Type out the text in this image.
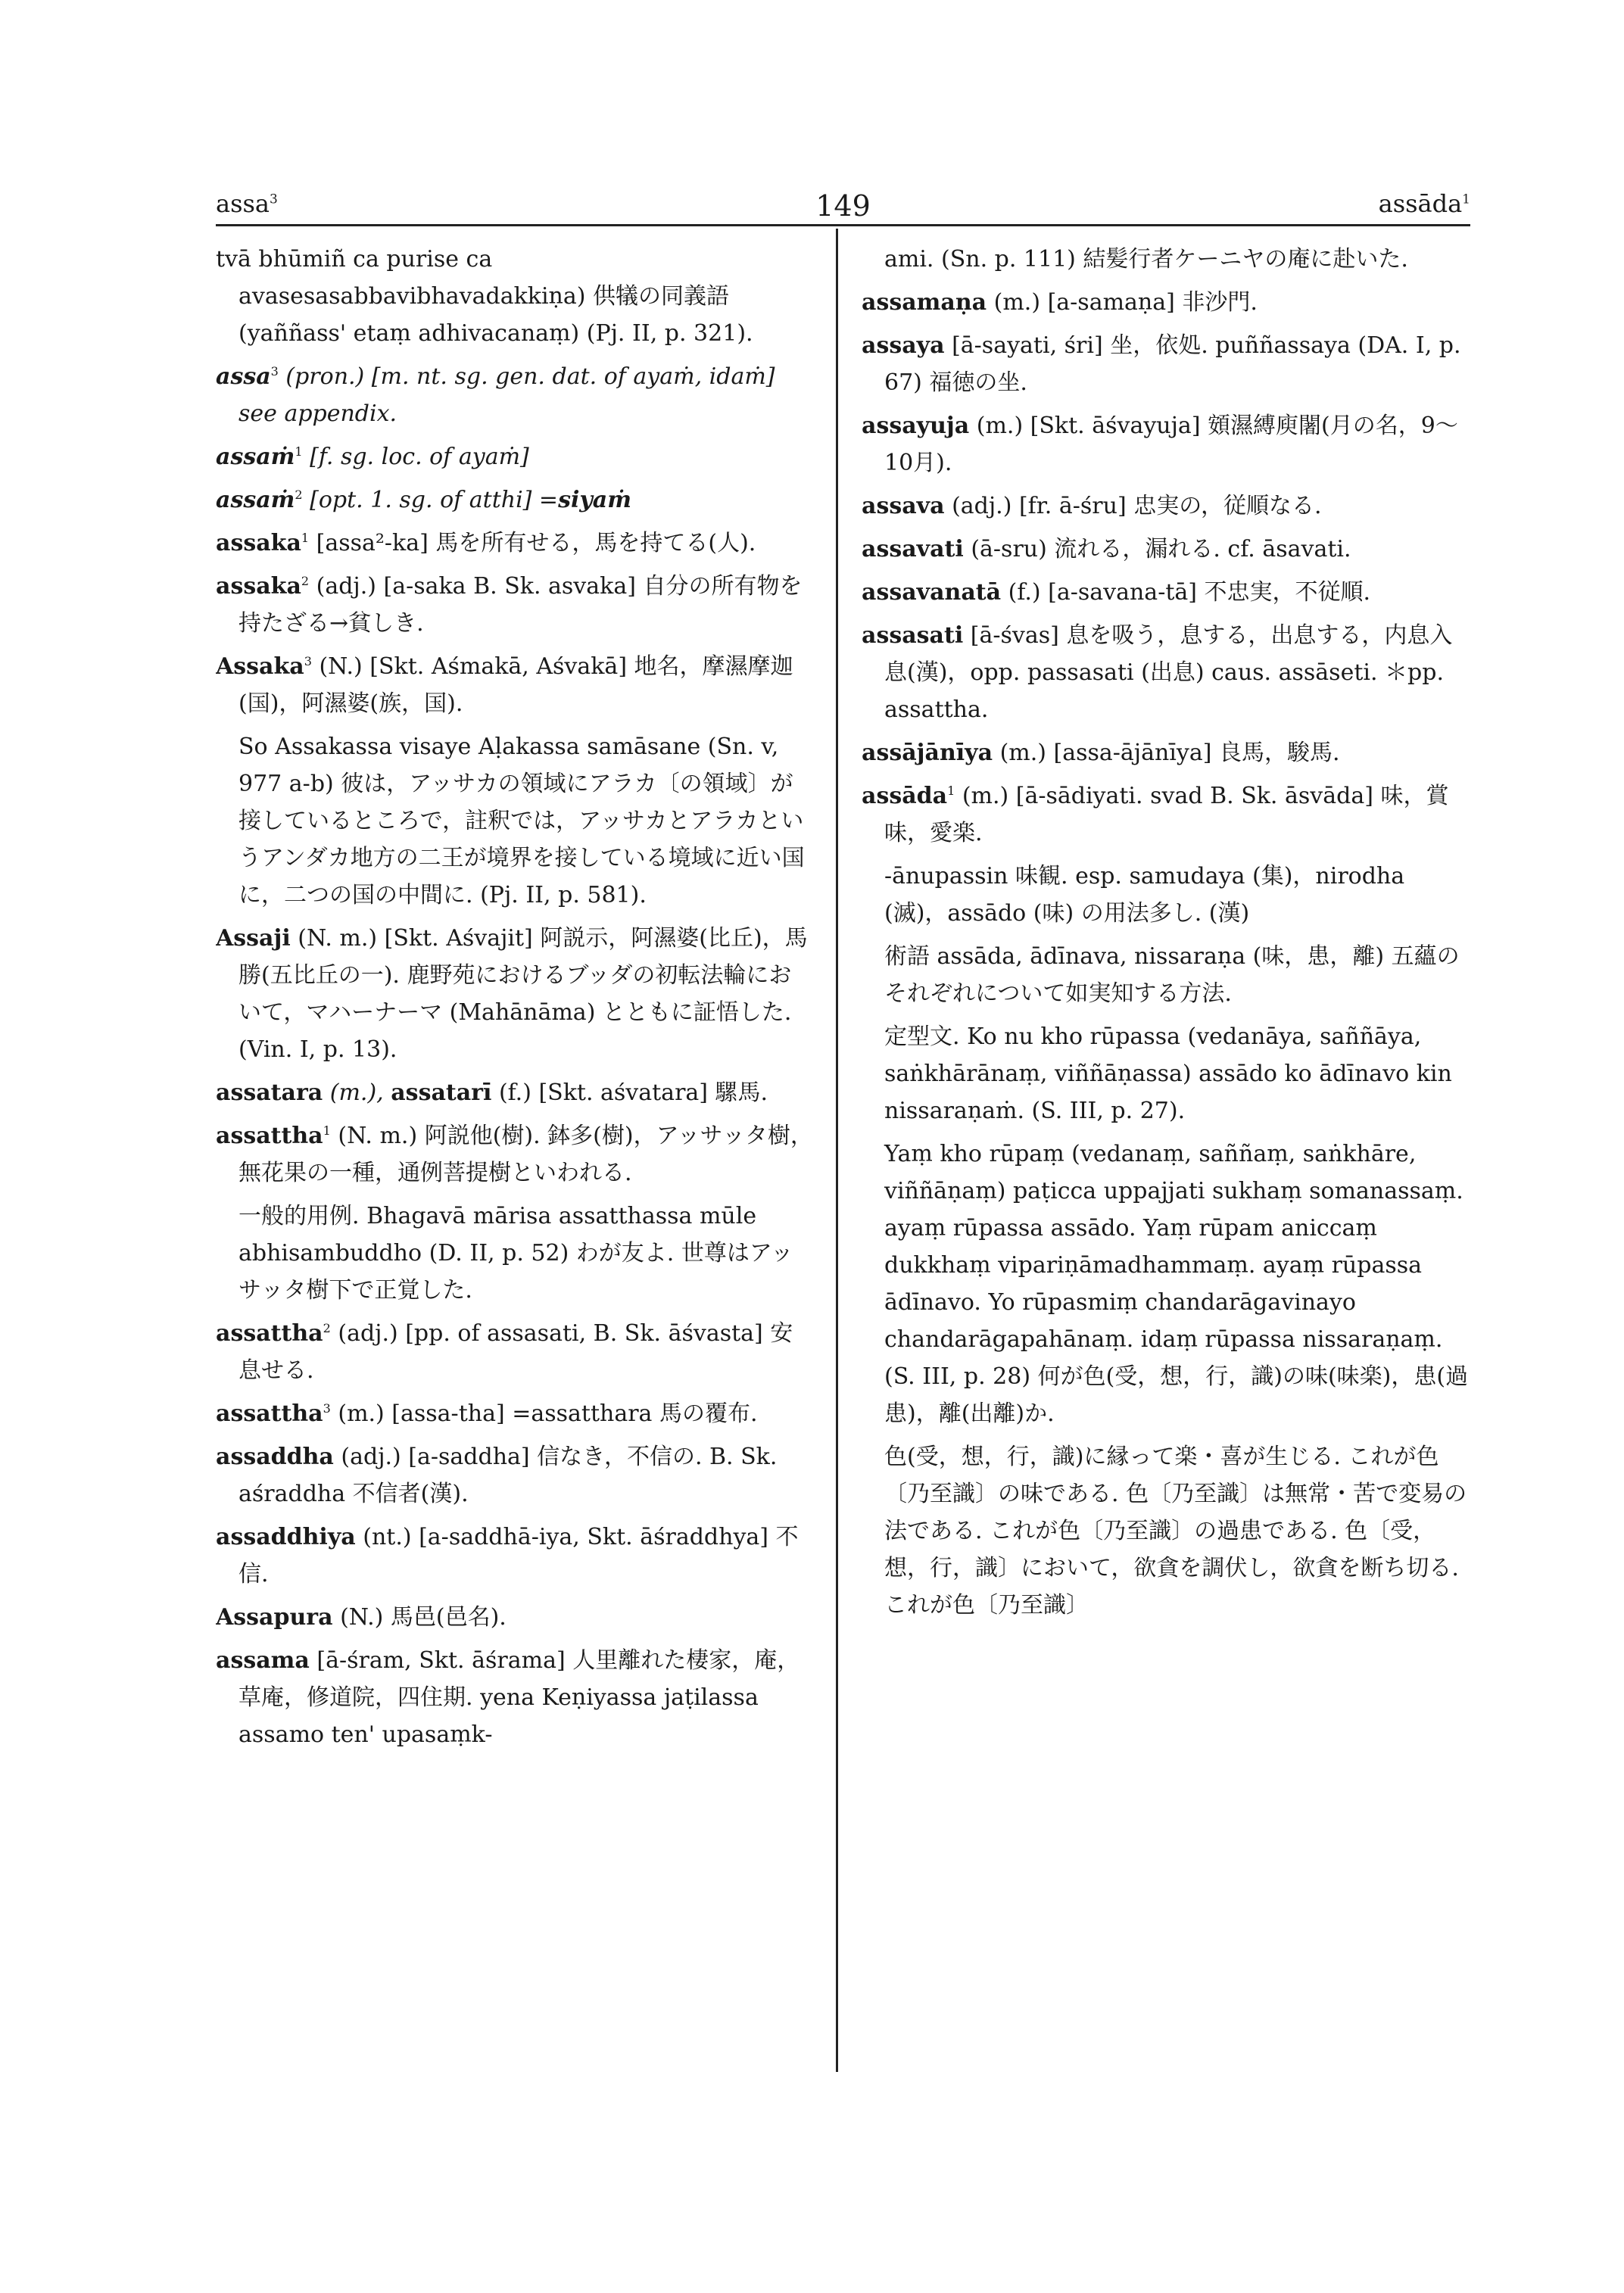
assa$^3$	149	assāda$^1$

tvā bhūmiñ ca purise ca avasesasabbavibhavadakkiṇa) 供犠の同義語 (yaññass' etaṃ adhivacanaṃ) (Pj. II, p. 321).

assa$^3$ (pron.) [m. nt. sg. gen. dat. of ayaṁ, idaṁ] see appendix.

assaṁ$^1$ [f. sg. loc. of ayaṁ]

assaṁ$^2$ [opt. 1. sg. of atthi] =siyaṁ

assaka$^1$ [assa²-ka] 馬を所有せる，馬を持てる(人).

assaka$^2$ (adj.) [a-saka B. Sk. asvaka] 自分の所有物を持たざる→貧しき.

Assaka$^3$ (N.) [Skt. Aśmakā, Aśvakā] 地名，摩濕摩迦(国)，阿濕婆(族，国).

So Assakassa visaye Aḷakassa samāsane (Sn. v, 977 a-b) 彼は，アッサカの領域にアラカ〔の領域〕が接しているところで，註釈では，アッサカとアラカというアンダカ地方の二王が境界を接している境域に近い国に，二つの国の中間に. (Pj. II, p. 581).

Assaji (N. m.) [Skt. Aśvajit] 阿説示，阿濕婆(比丘)，馬勝(五比丘の一). 鹿野苑におけるブッダの初転法輪において，マハーナーマ (Mahānāma) とともに証悟した. (Vin. I, p. 13).

assatara (m.), assatarī (f.) [Skt. aśvatara] 騾馬.

assattha$^1$ (N. m.) 阿説他(樹). 鉢多(樹)，アッサッタ樹，無花果の一種，通例菩提樹といわれる.

一般的用例. Bhagavā mārisa assatthassa mūle abhisambuddho (D. II, p. 52) わが友よ. 世尊はアッサッタ樹下で正覚した.

assattha$^2$ (adj.) [pp. of assasati, B. Sk. āśvasta] 安息せる.

assattha$^3$ (m.) [assa-tha] =assatthara 馬の覆布.

assaddha (adj.) [a-saddha] 信なき，不信の. B. Sk. aśraddha 不信者(漢).

assaddhiya (nt.) [a-saddhā-iya, Skt. āśraddhya] 不信.

Assapura (N.) 馬邑(邑名).

assama [ā-śram, Skt. āśrama] 人里離れた棲家，庵，草庵，修道院，四住期. yena Keṇiyassa jaṭilassa assamo ten' upasaṃk-

ami. (Sn. p. 111) 結髪行者ケーニヤの庵に赴いた.

assamaṇa (m.) [a-samaṇa] 非沙門.

assaya [ā-sayati, śri] 坐，依処. puññassaya (DA. I, p. 67) 福徳の坐.

assayuja (m.) [Skt. āśvayuja] 頞濕縛庾闍(月の名，9～10月).

assava (adj.) [fr. ā-śru] 忠実の，従順なる.

assavati (ā-sru) 流れる，漏れる. cf. āsavati.

assavanatā (f.) [a-savana-tā] 不忠実，不従順.

assasati [ā-śvas] 息を吸う，息する，出息する，内息入息(漢)，opp. passasati (出息) caus. assāseti. ＊pp. assattha.

assājānīya (m.) [assa-ājānīya] 良馬，駿馬.

assāda$^1$ (m.) [ā-sādiyati. svad B. Sk. āsvāda] 味，賞味，愛楽.

-ānupassin 味観. esp. samudaya (集)，nirodha (滅)，assādo (味) の用法多し. (漢)

術語 assāda, ādīnava, nissaraṇa (味，患，離) 五蘊のそれぞれについて如実知する方法.

定型文. Ko nu kho rūpassa (vedanāya, saññāya, saṅkhārānaṃ, viññāṇassa) assādo ko ādīnavo kin nissaraṇaṁ. (S. III, p. 27).

Yaṃ kho rūpaṃ (vedanaṃ, saññaṃ, saṅkhāre, viññāṇaṃ) paṭicca uppajjati sukhaṃ somanassaṃ. ayaṃ rūpassa assādo. Yaṃ rūpam aniccaṃ dukkhaṃ vipariṇāmadhammaṃ. ayaṃ rūpassa ādīnavo. Yo rūpasmiṃ chandarāgavinayo chandarāgapahānaṃ. idaṃ rūpassa nissaraṇaṃ. (S. III, p. 28) 何が色(受，想，行，識)の味(味楽)，患(過患)，離(出離)か.

色(受，想，行，識)に縁って楽・喜が生じる. これが色〔乃至識〕の味である. 色〔乃至識〕は無常・苦で変易の法である. これが色〔乃至識〕の過患である. 色〔受，想，行，識〕において，欲貪を調伏し，欲貪を断ち切る. これが色〔乃至識〕
